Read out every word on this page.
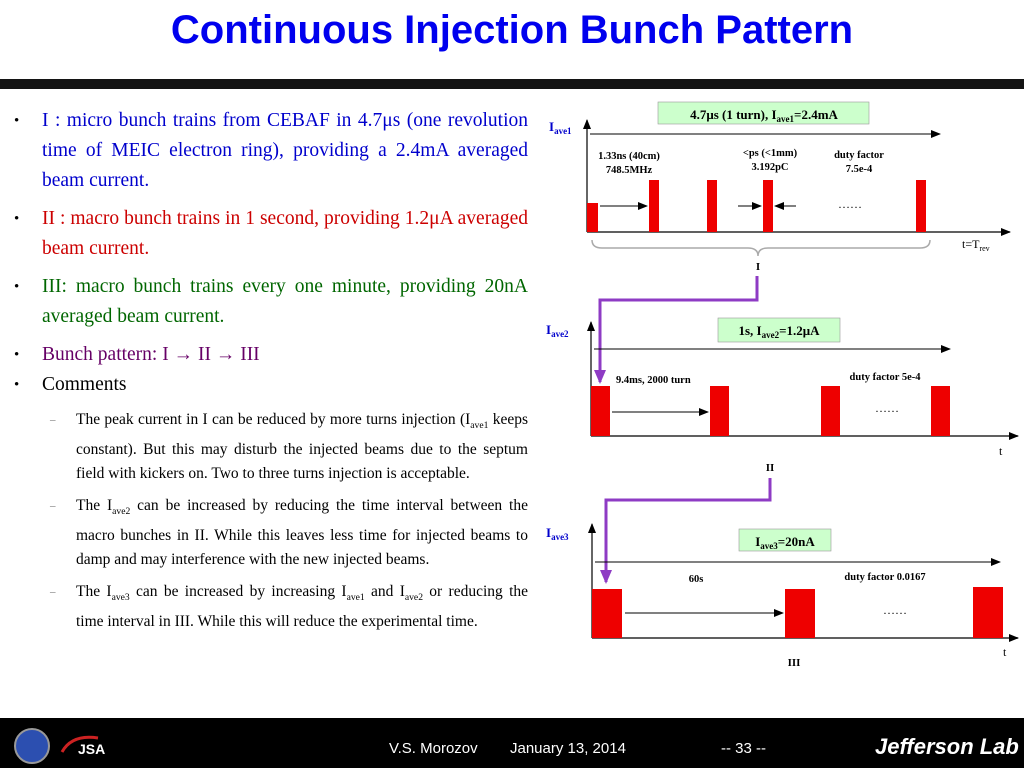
Continuous Injection Bunch Pattern
• I : micro bunch trains from CEBAF in 4.7μs (one revolution time of MEIC electron ring), providing a 2.4mA averaged beam current.
• II : macro bunch trains in 1 second, providing 1.2μA averaged beam current.
• III: macro bunch trains every one minute, providing 20nA averaged beam current.
• Bunch pattern: I → II → III
• Comments
– The peak current in I can be reduced by more turns injection ($I_{ave1}$ keeps constant). But this may disturb the injected beams due to the septum field with kickers on. Two to three turns injection is acceptable.
– The $I_{ave2}$ can be increased by reducing the time interval between the macro bunches in II. While this leaves less time for injected beams to damp and may interference with the new injected beams.
– The $I_{ave3}$ can be increased by increasing $I_{ave1}$ and $I_{ave2}$ or reducing the time interval in III. While this will reduce the experimental time.
4.7μs (1 turn), $I_{ave1}=2.4mA$
$I_{ave1}$
1.33ns (40cm)
748.5MHz
<ps (<1mm)
3.192pC
duty factor
7.5e-4
……
$t=T_{rev}$
I
1s, $I_{ave2}=1.2\mu A$
$I_{ave2}$
9.4ms, 2000 turn	duty factor 5e-4
……
t
II
$I_{ave3}=20nA$
$I_{ave3}$
60s	duty factor 0.0167
……
t
III
JSA	V.S. Morozov January 13, 2014	-- 33 --	Jefferson Lab
